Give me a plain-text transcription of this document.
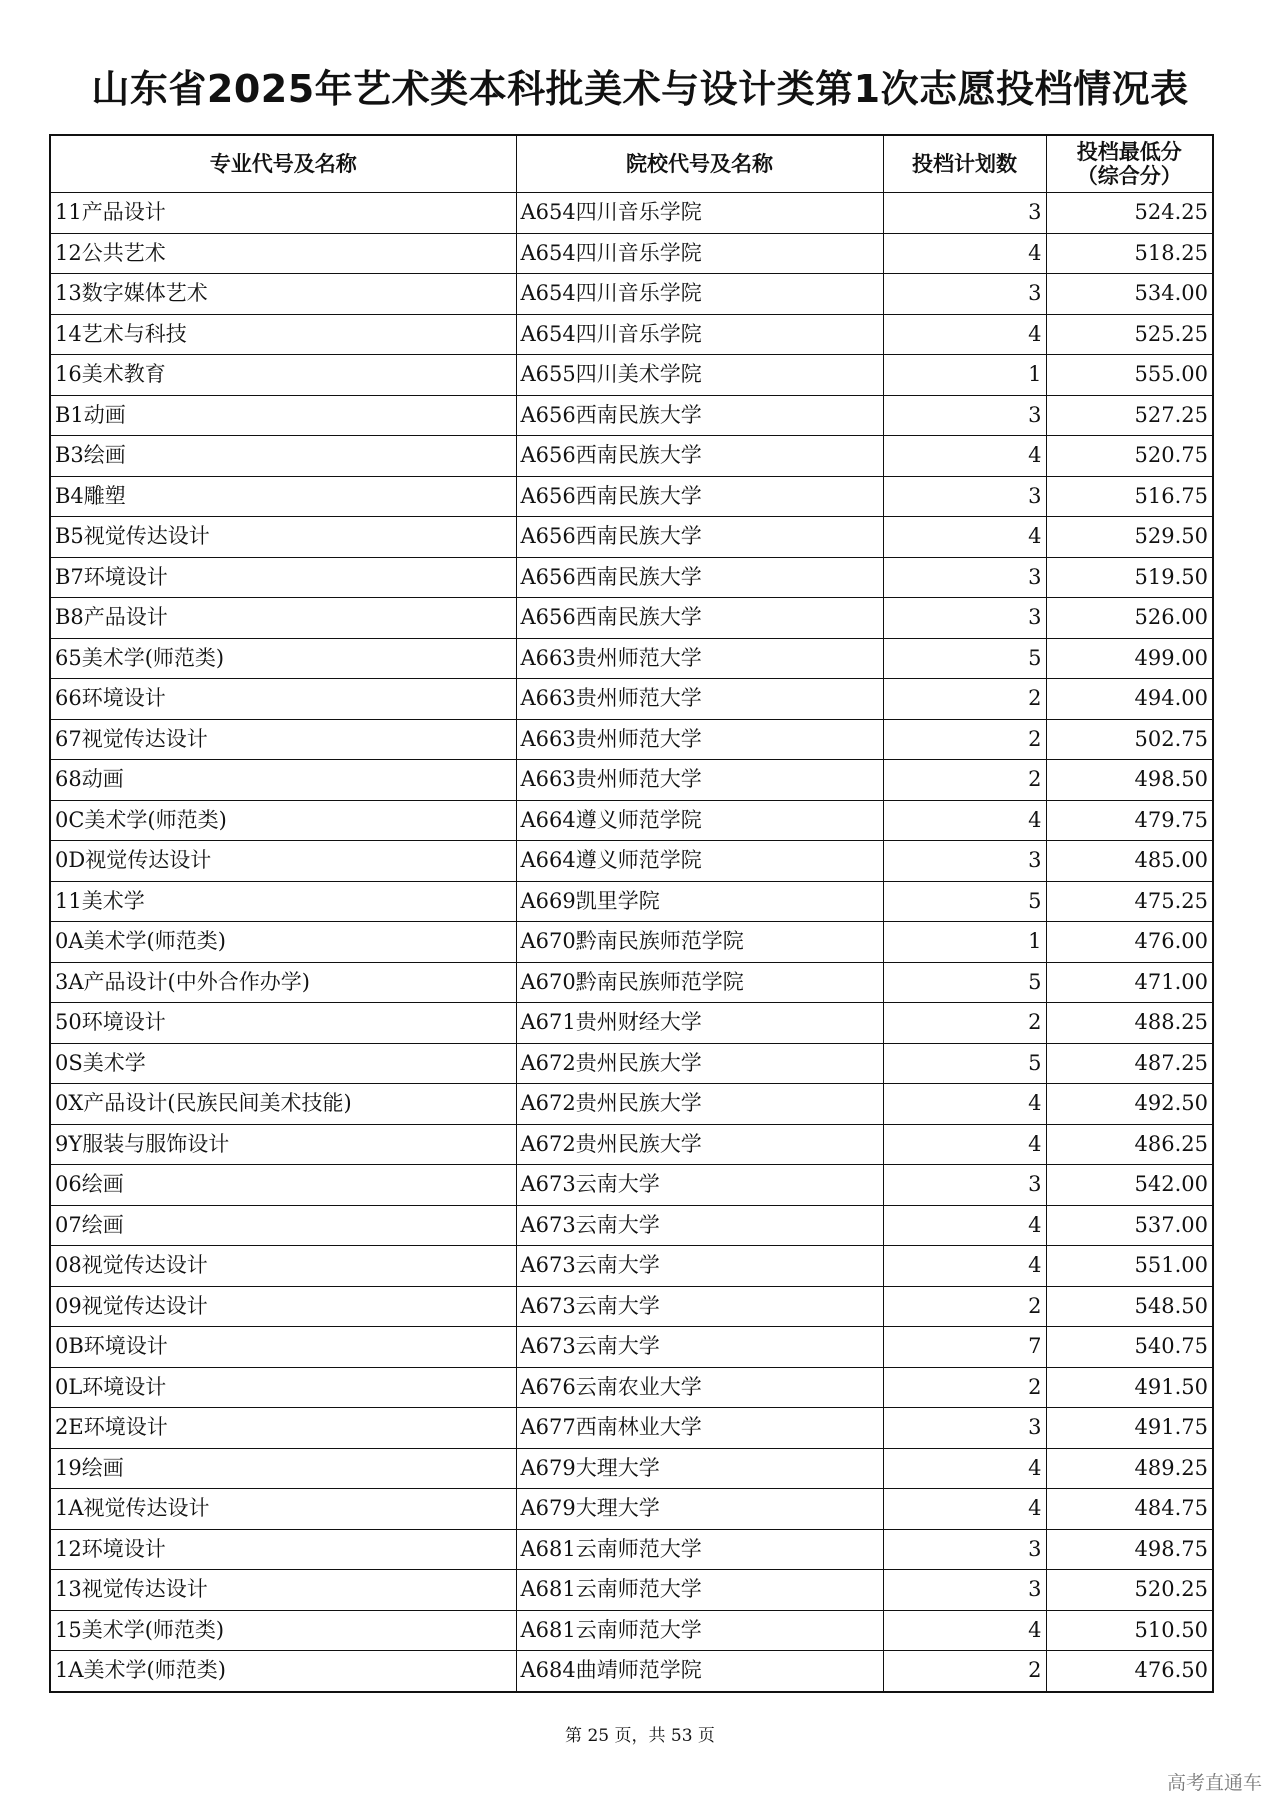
山东省2025年艺术类本科批美术与设计类第1次志愿投档情况表
专业代号及名称	院校代号及名称	投档计划数	投档最低分
（综合分）

11产品设计	A654四川音乐学院	3	524.25
12公共艺术	A654四川音乐学院	4	518.25
13数字媒体艺术	A654四川音乐学院	3	534.00
14艺术与科技	A654四川音乐学院	4	525.25
16美术教育	A655四川美术学院	1	555.00
B1动画	A656西南民族大学	3	527.25
B3绘画	A656西南民族大学	4	520.75
B4雕塑	A656西南民族大学	3	516.75
B5视觉传达设计	A656西南民族大学	4	529.50
B7环境设计	A656西南民族大学	3	519.50
B8产品设计	A656西南民族大学	3	526.00
65美术学(师范类)	A663贵州师范大学	5	499.00
66环境设计	A663贵州师范大学	2	494.00
67视觉传达设计	A663贵州师范大学	2	502.75
68动画	A663贵州师范大学	2	498.50
0C美术学(师范类)	A664遵义师范学院	4	479.75
0D视觉传达设计	A664遵义师范学院	3	485.00
11美术学	A669凯里学院	5	475.25
0A美术学(师范类)	A670黔南民族师范学院	1	476.00
3A产品设计(中外合作办学)	A670黔南民族师范学院	5	471.00
50环境设计	A671贵州财经大学	2	488.25
0S美术学	A672贵州民族大学	5	487.25
0X产品设计(民族民间美术技能)	A672贵州民族大学	4	492.50
9Y服装与服饰设计	A672贵州民族大学	4	486.25
06绘画	A673云南大学	3	542.00
07绘画	A673云南大学	4	537.00
08视觉传达设计	A673云南大学	4	551.00
09视觉传达设计	A673云南大学	2	548.50
0B环境设计	A673云南大学	7	540.75
0L环境设计	A676云南农业大学	2	491.50
2E环境设计	A677西南林业大学	3	491.75
19绘画	A679大理大学	4	489.25
1A视觉传达设计	A679大理大学	4	484.75
12环境设计	A681云南师范大学	3	498.75
13视觉传达设计	A681云南师范大学	3	520.25
15美术学(师范类)	A681云南师范大学	4	510.50
1A美术学(师范类)	A684曲靖师范学院	2	476.50
第 25 页，共 53 页
高考直通车
